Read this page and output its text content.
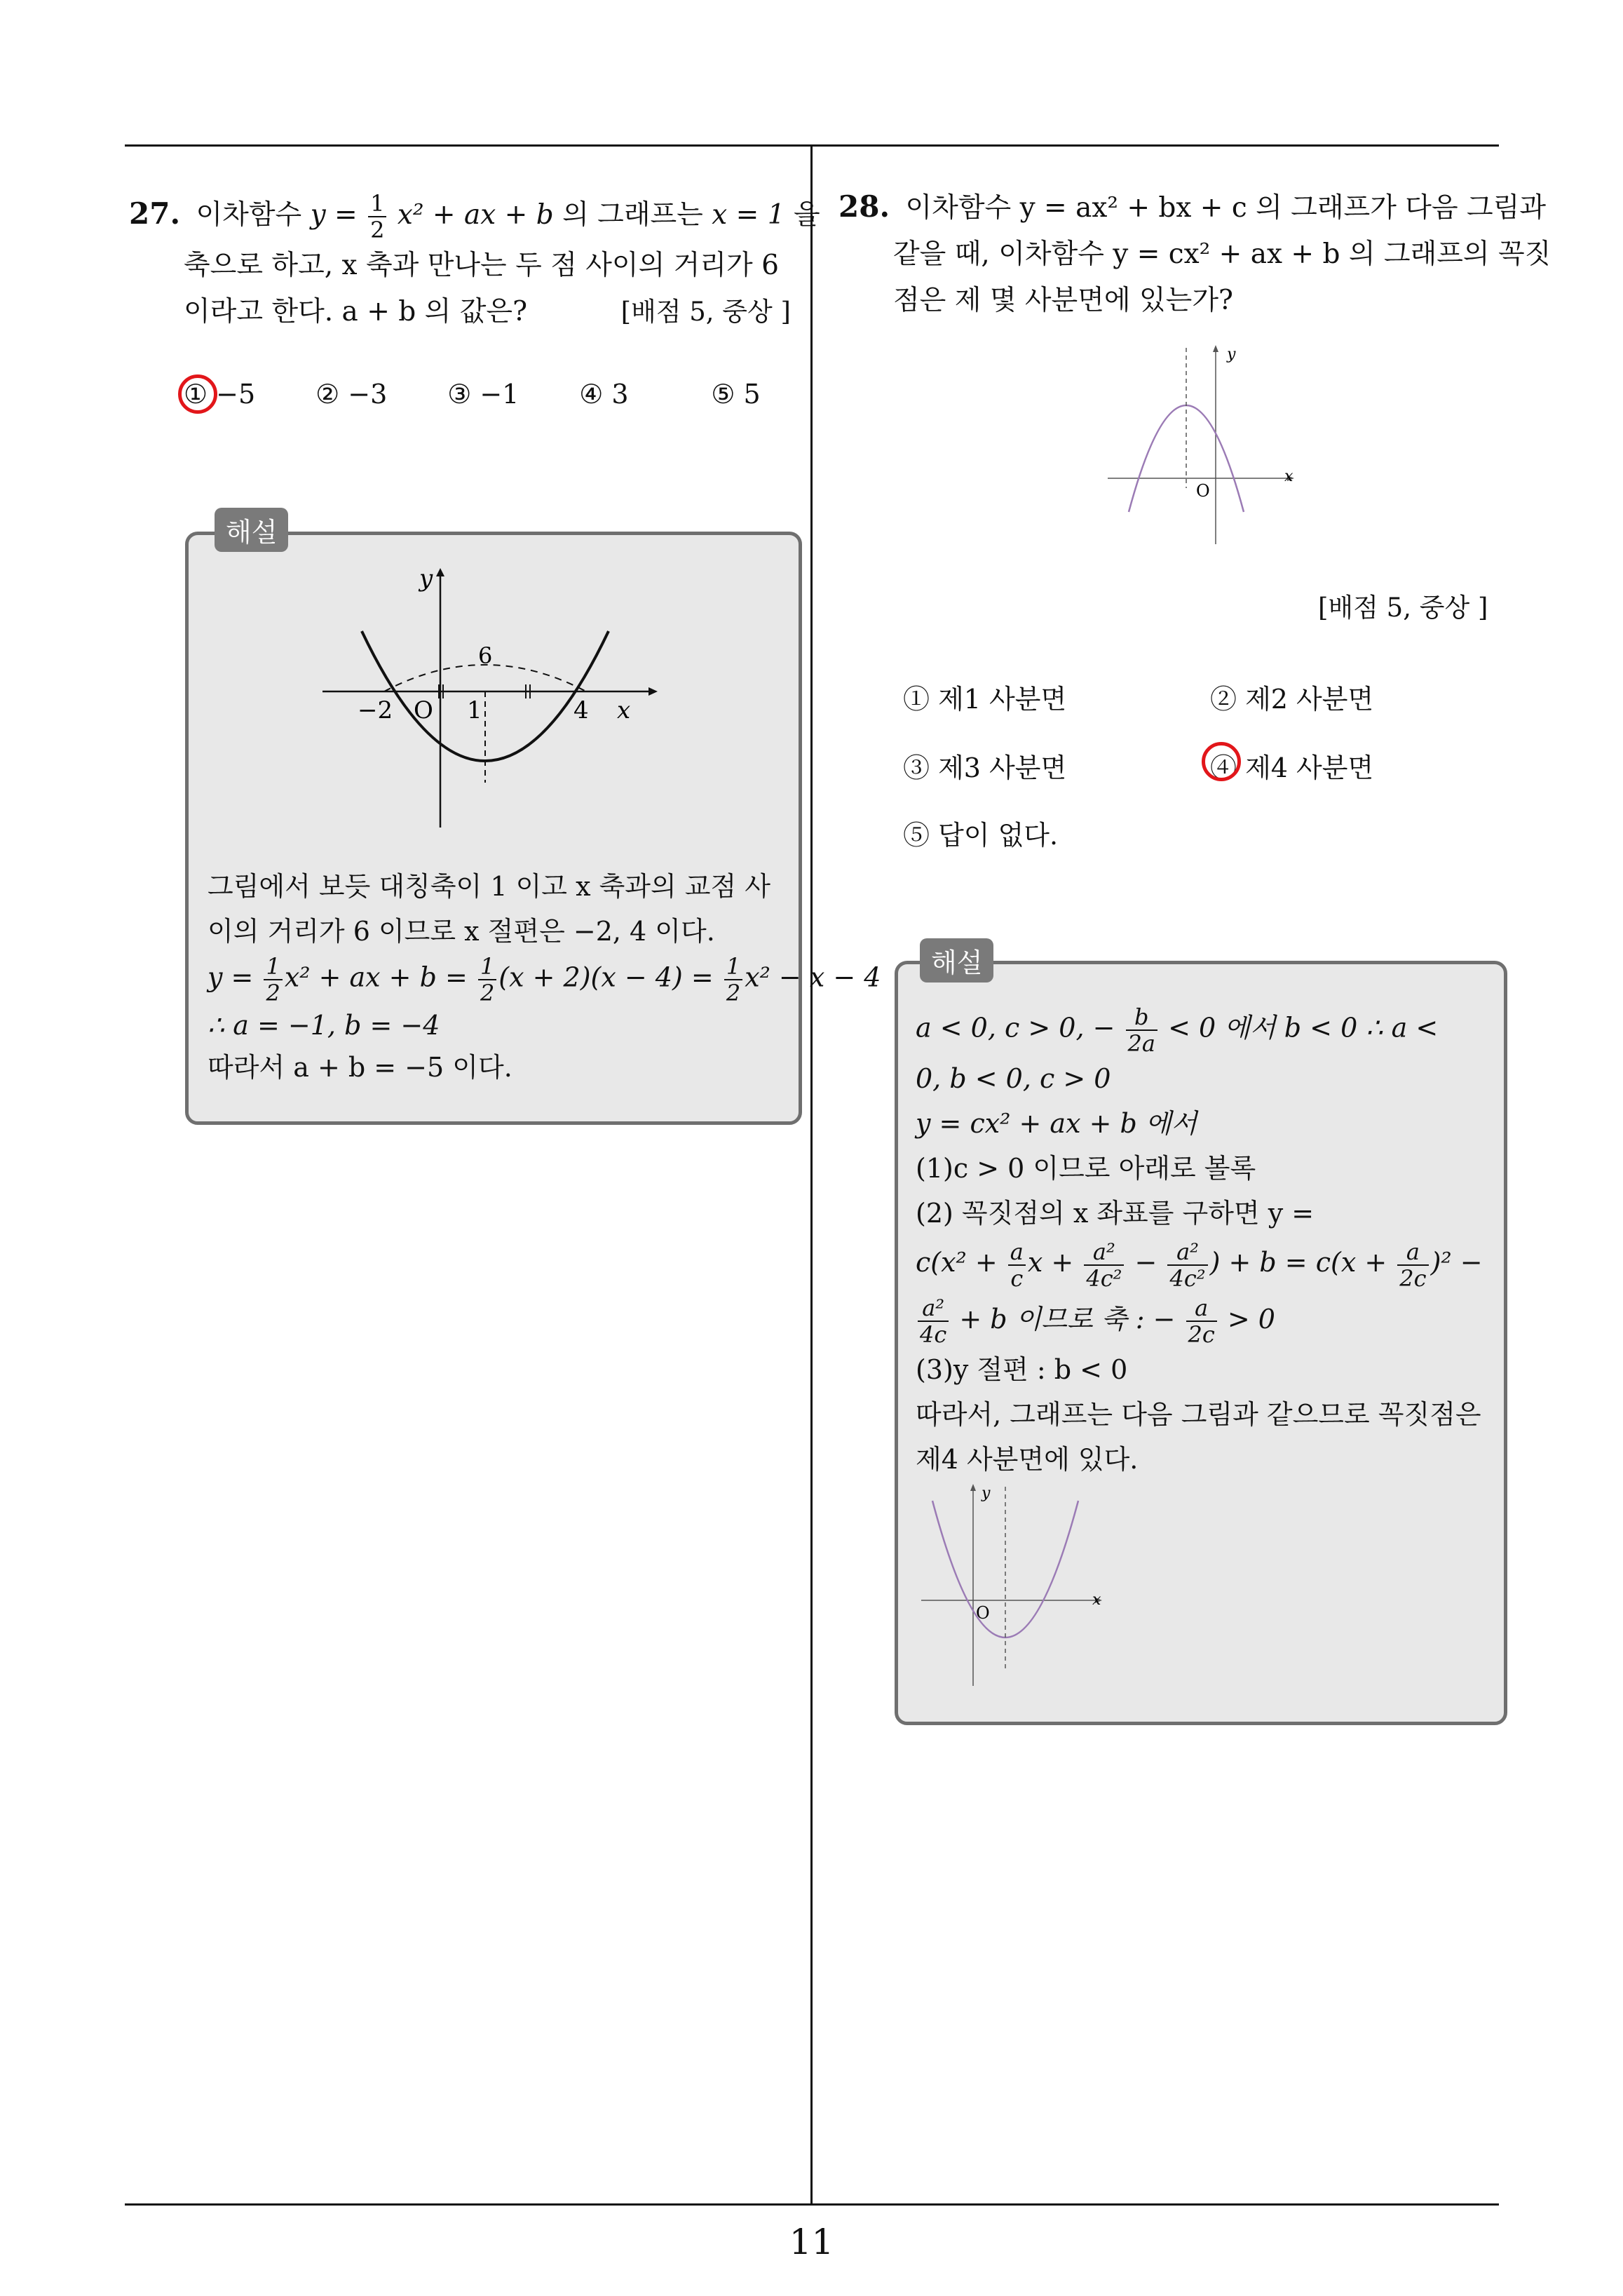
11
27. 이차함수 $y = \frac{1}{2} x^2$ + ax + b 의 그래프는 x = 1 을
축으로 하고, x 축과 만나는 두 점 사이의 거리가 6
이라고 한다. a + b 의 값은?	[배점 5, 중상 ]
① −5 ② −3 ③ −1 ④ 3	⑤ 5
해설
y
x
O
−2	1	4
6
그림에서 보듯 대칭축이 1 이고 x 축과의 교점 사
이의 거리가 6 이므로 x 절편은 −2, 4 이다.
$y = \frac{1}{2} x^2$ + ax + $b = \frac{1}{2} (x + 2)(x - 4) = \frac{1}{2} x^2 - x - 4$
∴ a = −1, b = −4
따라서 a + b = −5 이다.
28. 이차함수 y = ax² + bx + c 의 그래프가 다음 그림과
같을 때, 이차함수 y = cx² + ax + b 의 그래프의 꼭짓
점은 제 몇 사분면에 있는가?
y
x
O
[배점 5, 중상 ]
① 제1 사분면	② 제2 사분면
③ 제3 사분면	④ 제4 사분면
⑤ 답이 없다.
해설
a < 0, c > 0, − $\frac{b}{2a} < 0$ 에서 b < 0 ∴ a <
0, b < 0, c > 0
y = cx² + ax + b 에서
(1)c > 0 이므로 아래로 볼록
(2) 꼭짓점의 x 좌표를 구하면 y =
$c(x^2 + \frac{a}{c}$ $x + \frac{\text{a²}}{\text{4c²}} - \frac{\text{a²}}{\text{4c²}}$ ) + $b = c(x + \frac{a}{2c} )^2$ −
$\frac{\text{a²}}{4c} + b$ 이므로 축 : − $\frac{a}{2c} > 0$
(3)y 절편 : b < 0
따라서, 그래프는 다음 그림과 같으므로 꼭짓점은
제4 사분면에 있다.
y
x
O
